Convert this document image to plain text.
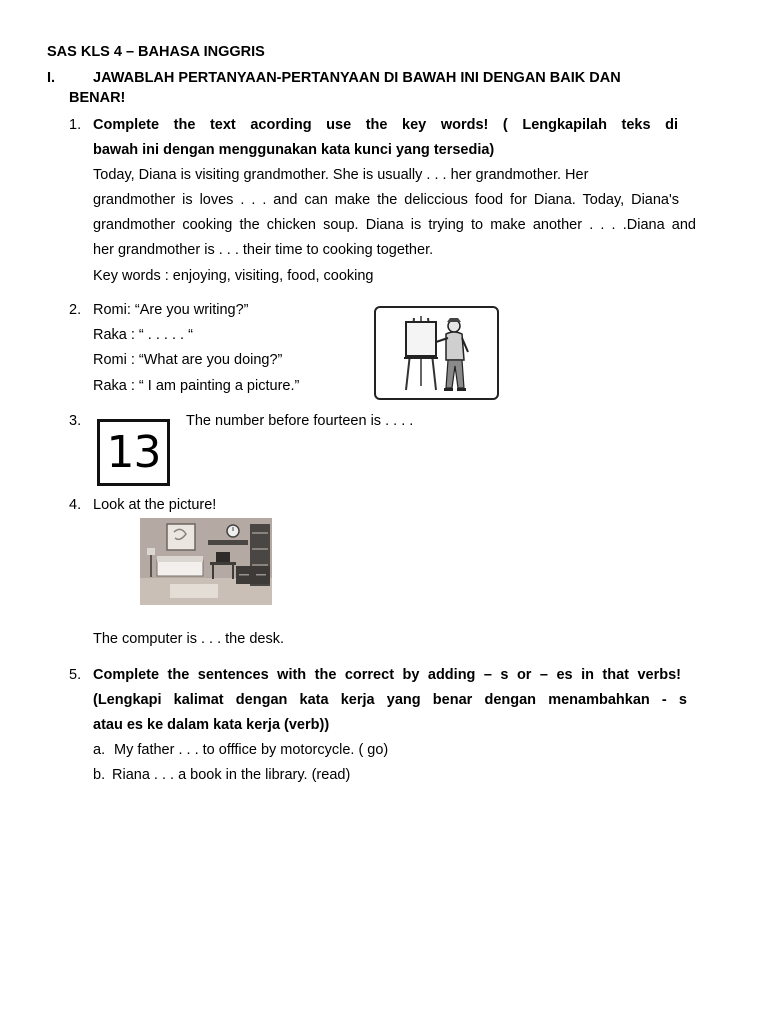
SAS KLS 4 – BAHASA INGGRIS
I.	JAWABLAH PERTANYAAN-PERTANYAAN DI BAWAH INI DENGAN BAIK DAN
BENAR!
1. Complete the text acording use the key words! ( Lengkapilah teks di
bawah ini dengan menggunakan kata kunci yang tersedia)
Today, Diana is visiting grandmother. She is usually . . . her grandmother. Her
grandmother is loves . . . and can make the deliccious food for Diana. Today, Diana's
grandmother cooking the chicken soup. Diana is trying to make another . . . .Diana and
her grandmother is . . . their time to cooking together.
Key words : enjoying, visiting, food, cooking
2. Romi: “Are you writing?”
Raka : “ . . . . . “
Romi : “What are you doing?”
Raka : “ I am painting a picture.”
3.
13
The number before fourteen is . . . .
4. Look at the picture!
The computer is . . . the desk.
5. Complete the sentences with the correct by adding – s or – es in that verbs!
(Lengkapi kalimat dengan kata kerja yang benar dengan menambahkan - s
atau es ke dalam kata kerja (verb))
a. My father . . . to offfice by motorcycle. ( go)
b. Riana . . . a book in the library. (read)
